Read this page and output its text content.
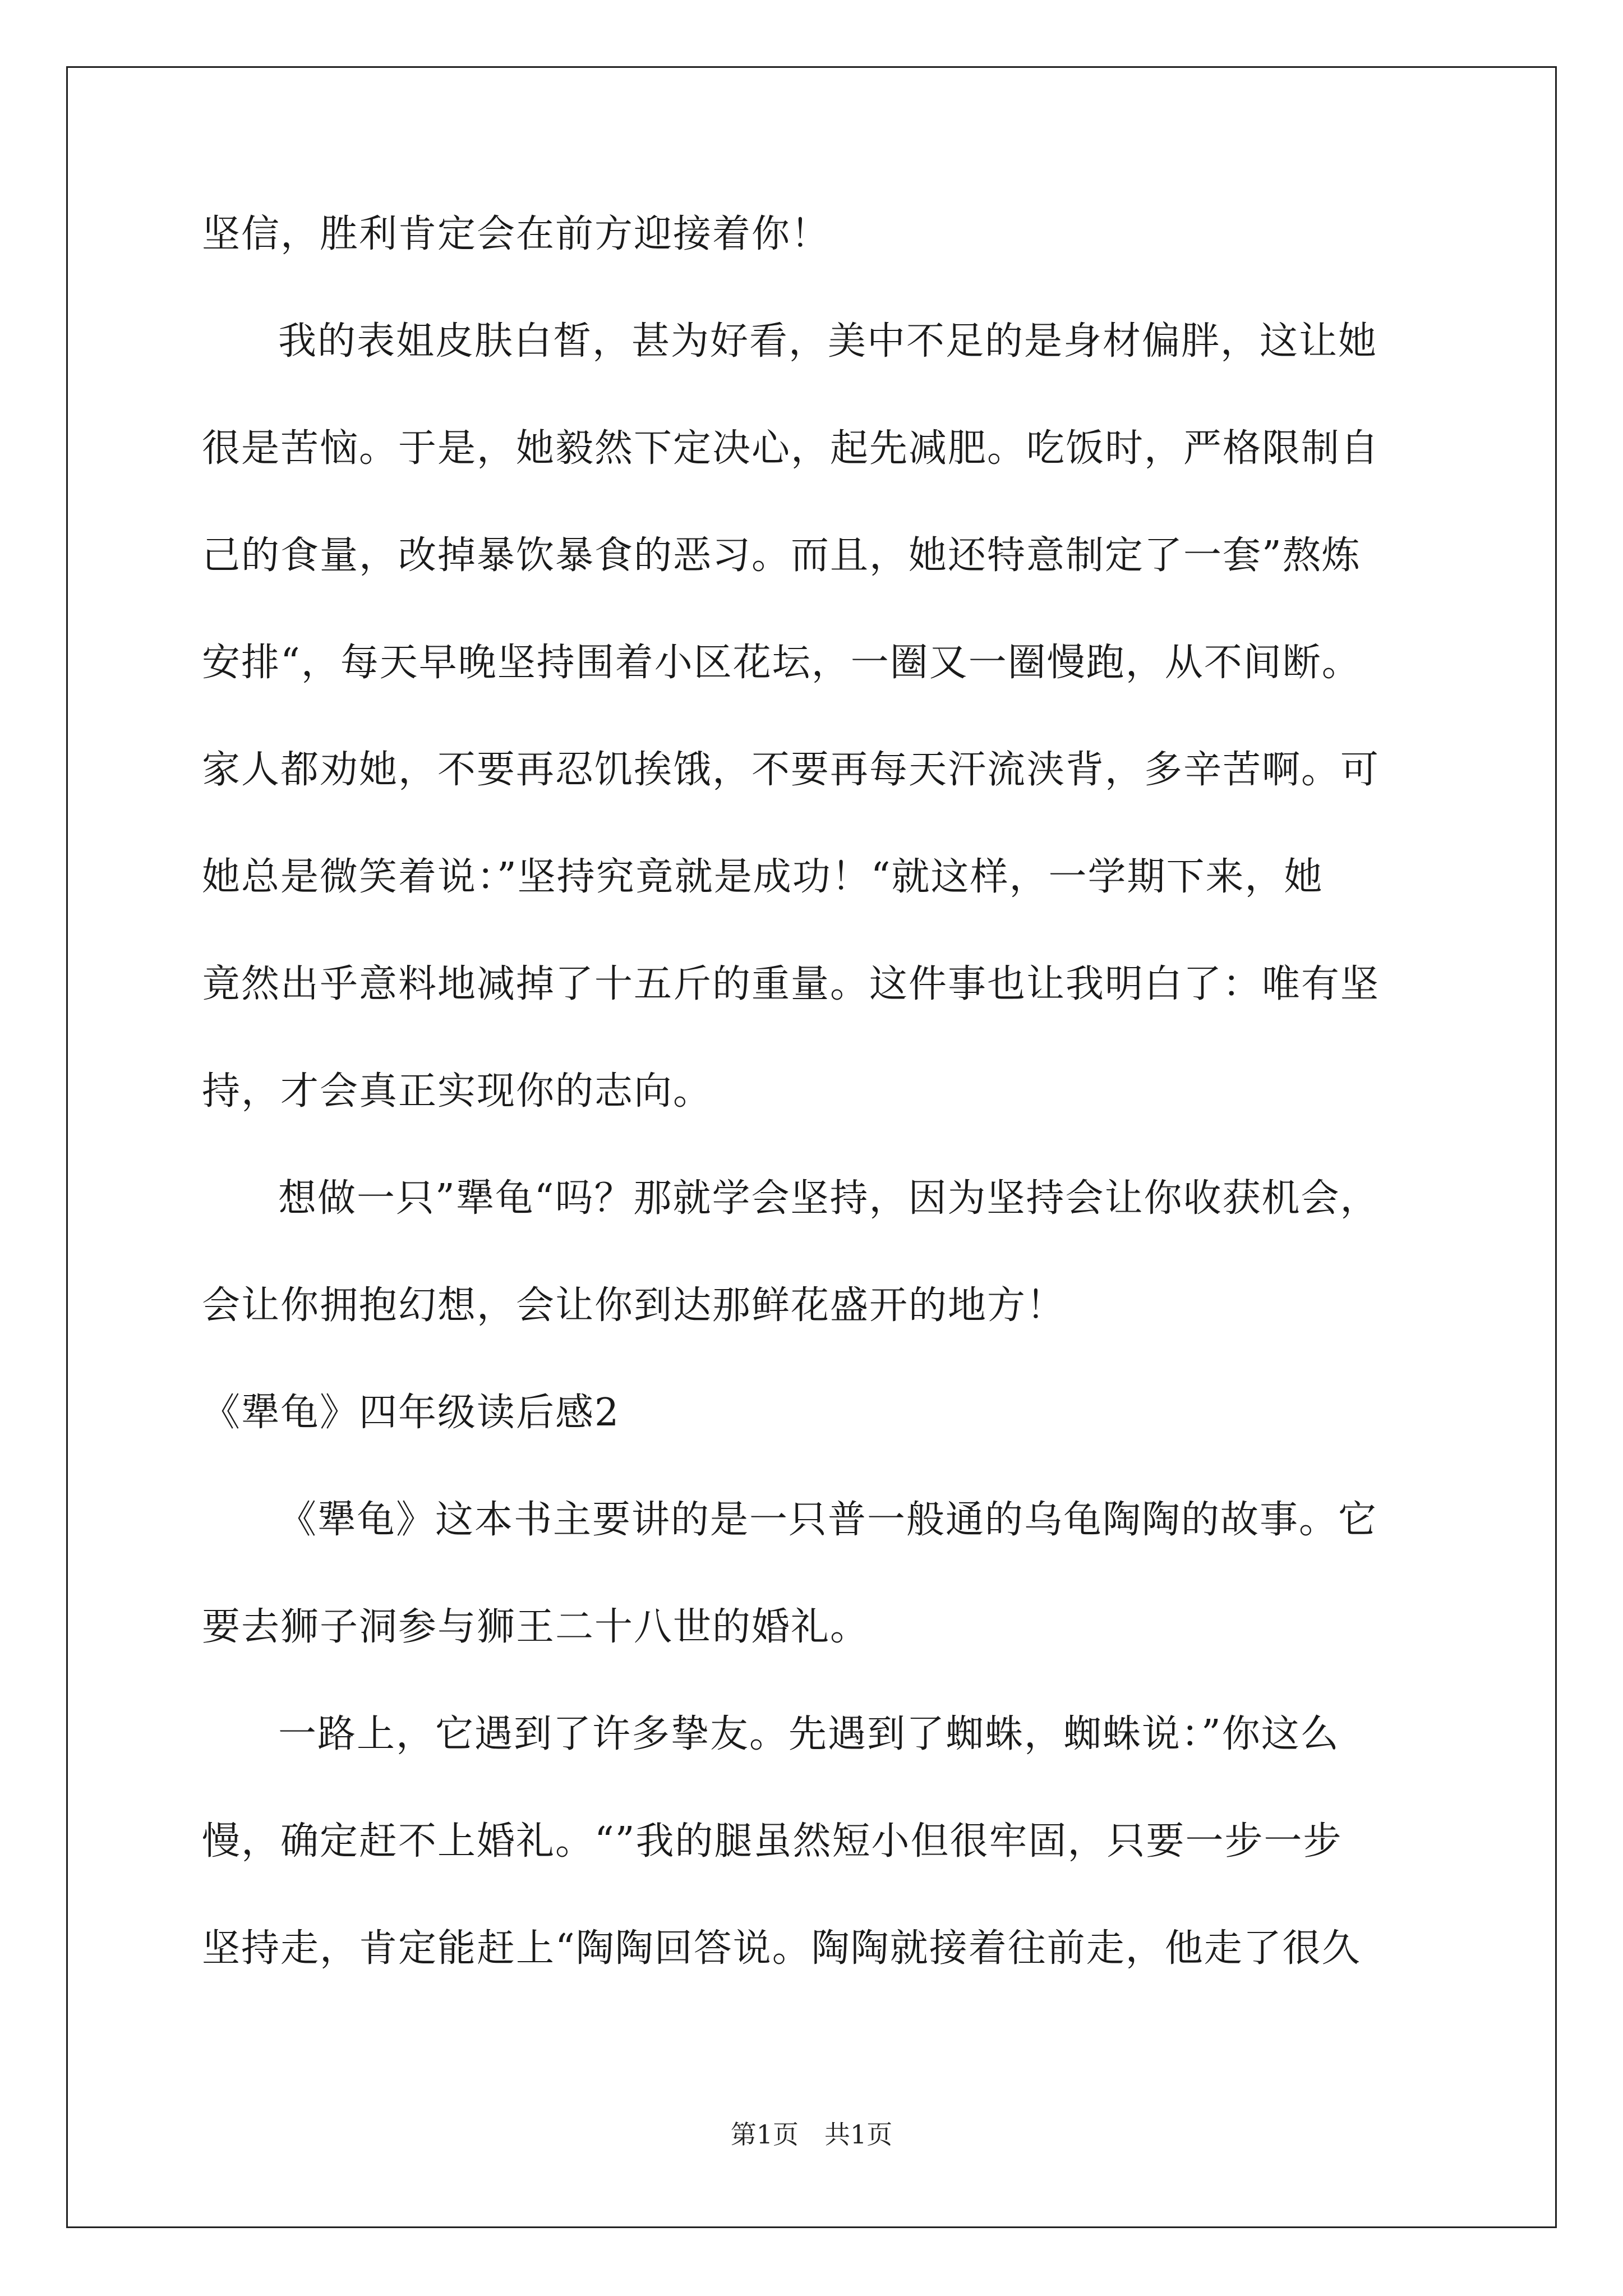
坚信，胜利肯定会在前方迎接着你！
我的表姐皮肤白皙，甚为好看，美中不足的是身材偏胖，这让她
很是苦恼。于是，她毅然下定决心，起先减肥。吃饭时，严格限制自
己的食量，改掉暴饮暴食的恶习。而且，她还特意制定了一套”熬炼
安排“，每天早晚坚持围着小区花坛，一圈又一圈慢跑，从不间断。
家人都劝她，不要再忍饥挨饿，不要再每天汗流浃背，多辛苦啊。可
她总是微笑着说：”坚持究竟就是成功！“就这样，一学期下来，她
竟然出乎意料地减掉了十五斤的重量。这件事也让我明白了：唯有坚
持，才会真正实现你的志向。
想做一只”犟龟“吗？那就学会坚持，因为坚持会让你收获机会，
会让你拥抱幻想，会让你到达那鲜花盛开的地方！
《犟龟》四年级读后感2
《犟龟》这本书主要讲的是一只普一般通的乌龟陶陶的故事。它
要去狮子洞参与狮王二十八世的婚礼。
一路上，它遇到了许多挚友。先遇到了蜘蛛，蜘蛛说：”你这么
慢，确定赶不上婚礼。“”我的腿虽然短小但很牢固，只要一步一步
坚持走，肯定能赶上“陶陶回答说。陶陶就接着往前走，他走了很久
第1页 共1页
